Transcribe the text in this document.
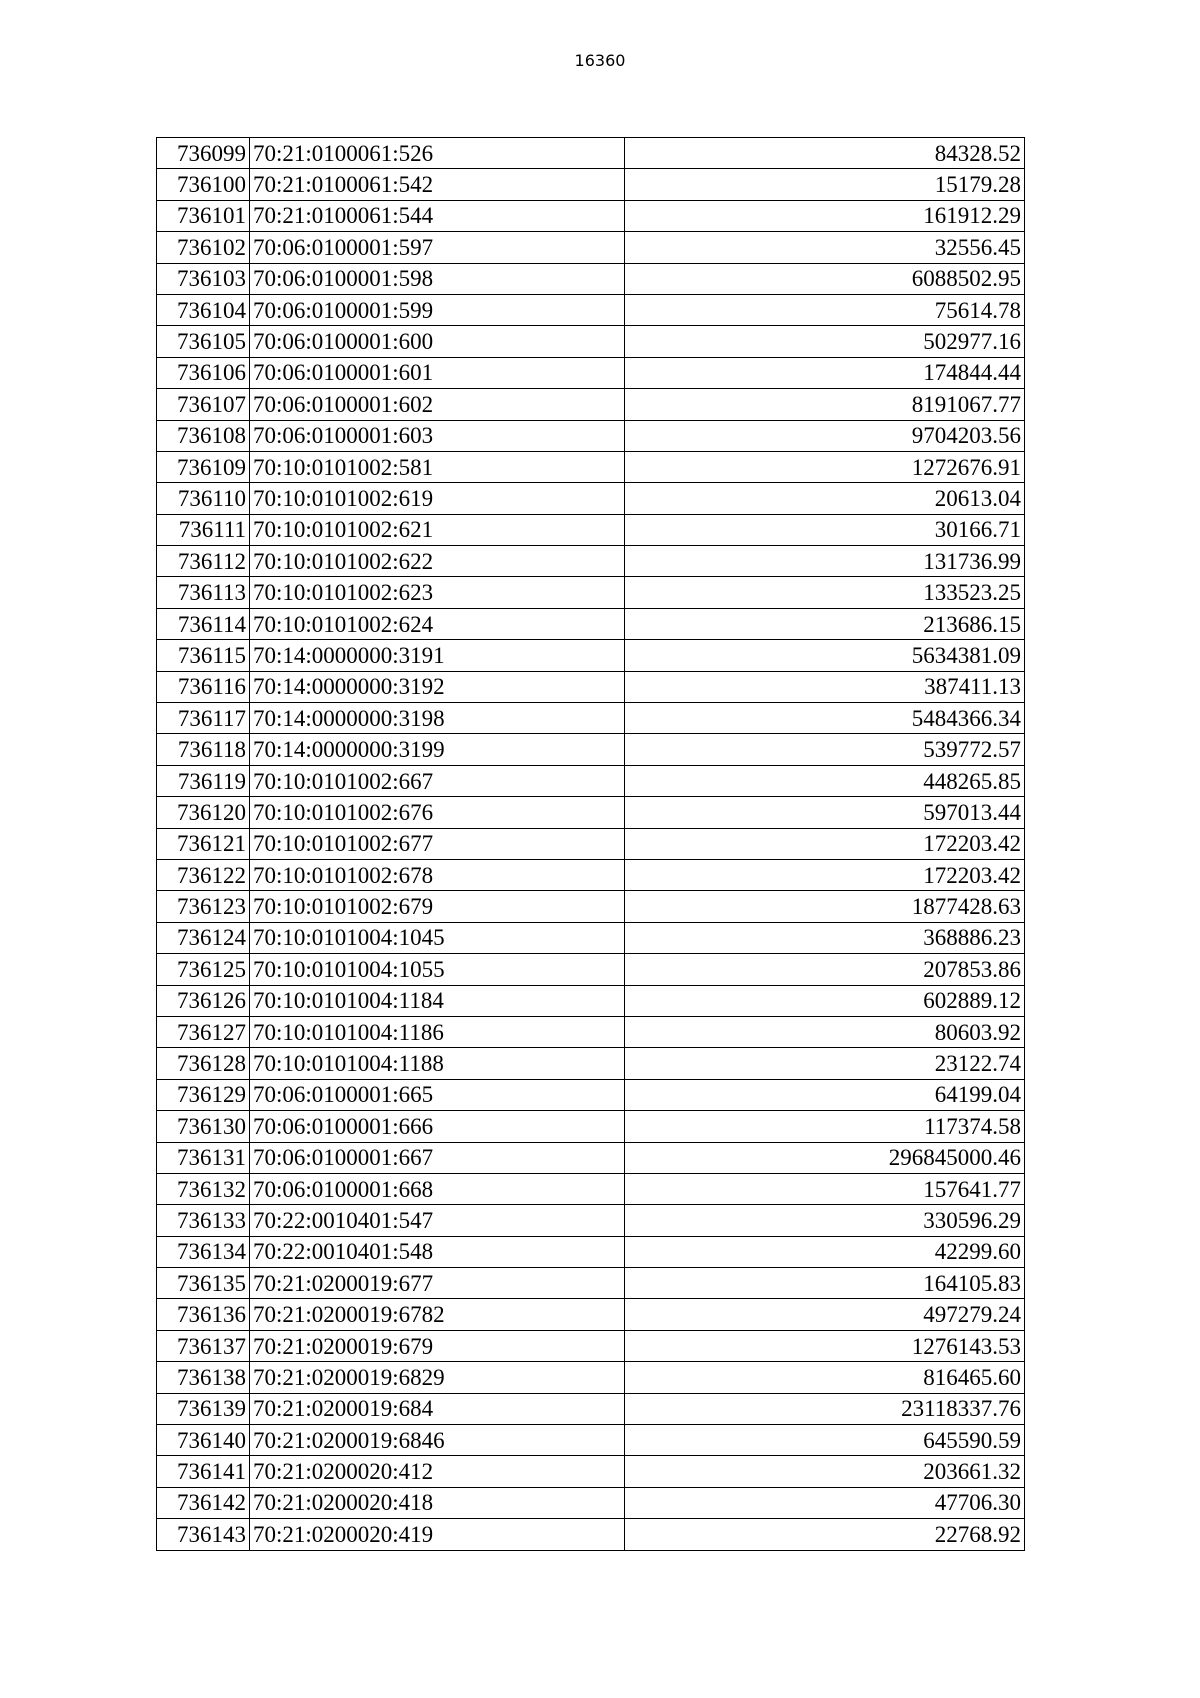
16360
736099	70:21:0100061:526	84328.52
736100	70:21:0100061:542	15179.28
736101	70:21:0100061:544	161912.29
736102	70:06:0100001:597	32556.45
736103	70:06:0100001:598	6088502.95
736104	70:06:0100001:599	75614.78
736105	70:06:0100001:600	502977.16
736106	70:06:0100001:601	174844.44
736107	70:06:0100001:602	8191067.77
736108	70:06:0100001:603	9704203.56
736109	70:10:0101002:581	1272676.91
736110	70:10:0101002:619	20613.04
736111	70:10:0101002:621	30166.71
736112	70:10:0101002:622	131736.99
736113	70:10:0101002:623	133523.25
736114	70:10:0101002:624	213686.15
736115	70:14:0000000:3191	5634381.09
736116	70:14:0000000:3192	387411.13
736117	70:14:0000000:3198	5484366.34
736118	70:14:0000000:3199	539772.57
736119	70:10:0101002:667	448265.85
736120	70:10:0101002:676	597013.44
736121	70:10:0101002:677	172203.42
736122	70:10:0101002:678	172203.42
736123	70:10:0101002:679	1877428.63
736124	70:10:0101004:1045	368886.23
736125	70:10:0101004:1055	207853.86
736126	70:10:0101004:1184	602889.12
736127	70:10:0101004:1186	80603.92
736128	70:10:0101004:1188	23122.74
736129	70:06:0100001:665	64199.04
736130	70:06:0100001:666	117374.58
736131	70:06:0100001:667	296845000.46
736132	70:06:0100001:668	157641.77
736133	70:22:0010401:547	330596.29
736134	70:22:0010401:548	42299.60
736135	70:21:0200019:677	164105.83
736136	70:21:0200019:6782	497279.24
736137	70:21:0200019:679	1276143.53
736138	70:21:0200019:6829	816465.60
736139	70:21:0200019:684	23118337.76
736140	70:21:0200019:6846	645590.59
736141	70:21:0200020:412	203661.32
736142	70:21:0200020:418	47706.30
736143	70:21:0200020:419	22768.92
